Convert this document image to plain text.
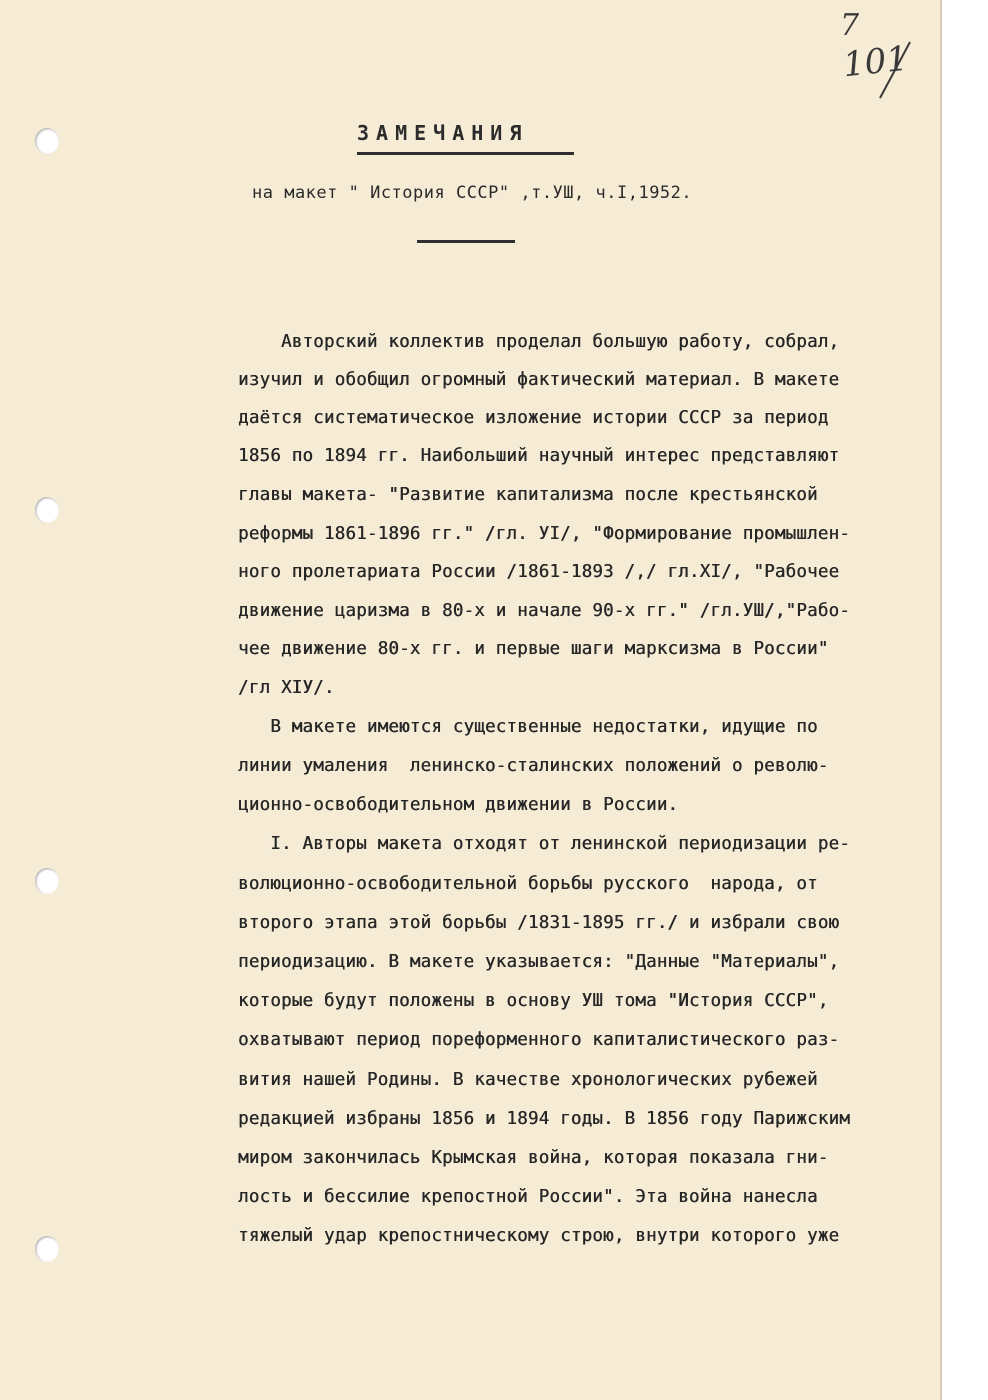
7
101
ЗАМЕЧАНИЯ
на макет " История СССР" ,т.УШ, ч.I,1952.
Авторский коллектив проделал большую работу, собрал,
изучил и обобщил огромный фактический материал. В макете
даётся систематическое изложение истории СССР за период
1856 по 1894 гг. Наибольший научный интерес представляют
главы макета- "Развитие капитализма после крестьянской
реформы 1861-1896 гг." /гл. УI/, "Формирование промышлен-
ного пролетариата России /1861-1893 /,/ гл.XI/, "Рабочее
движение царизма в 80-х и начале 90-х гг." /гл.УШ/,"Рабо-
чее движение 80-х гг. и первые шаги марксизма в России"
/гл XIУ/.
В макете имеются существенные недостатки, идущие по
линии умаления  ленинско-сталинских положений о револю-
ционно-освободительном движении в России.
I. Авторы макета отходят от ленинской периодизации ре-
волюционно-освободительной борьбы русского  народа, от
второго этапа этой борьбы /1831-1895 гг./ и избрали свою
периодизацию. В макете указывается: "Данные "Материалы",
которые будут положены в основу УШ тома "История СССР",
охватывают период пореформенного капиталистического раз-
вития нашей Родины. В качестве хронологических рубежей
редакцией избраны 1856 и 1894 годы. В 1856 году Парижским
миром закончилась Крымская война, которая показала гни-
лость и бессилие крепостной России". Эта война нанесла
тяжелый удар крепостническому строю, внутри которого уже
